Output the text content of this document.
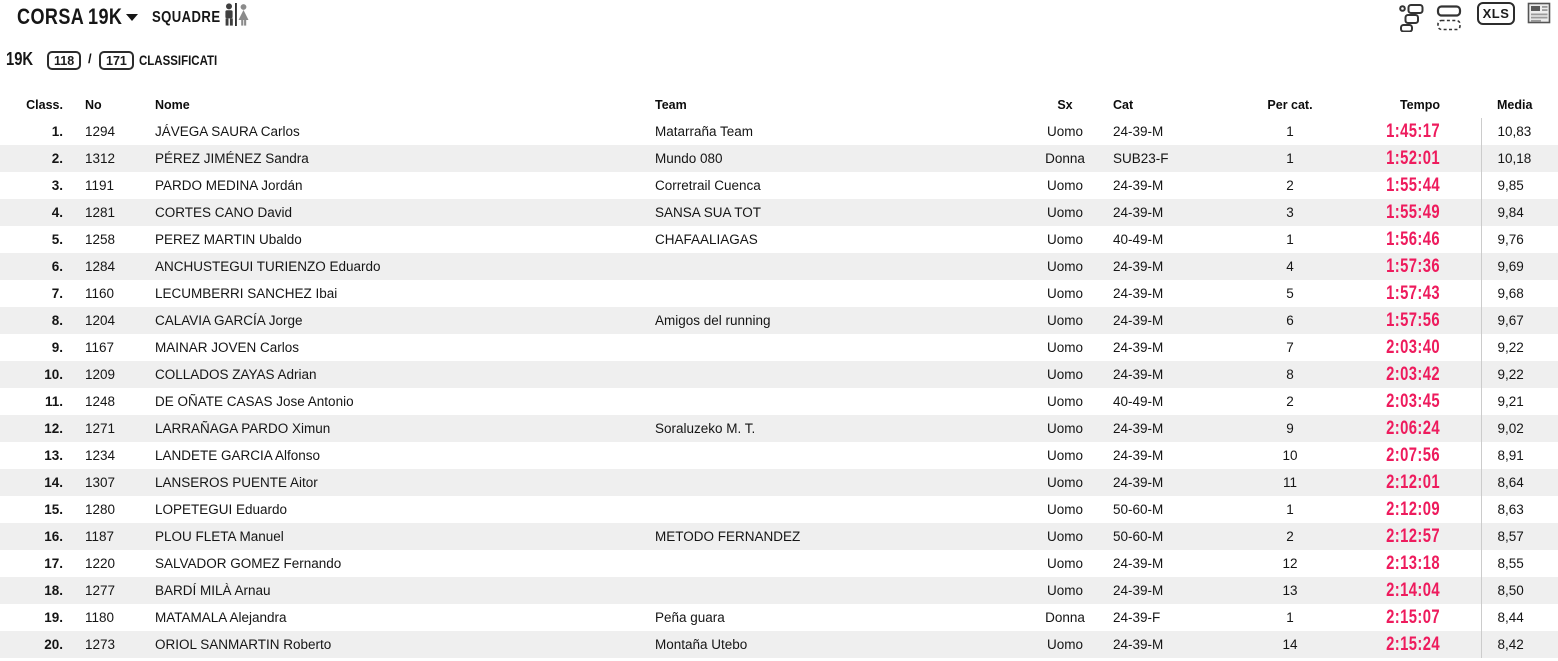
CORSA 19K	SQUADRE	XLS
19K	118	/	171 CLASSIFICATI
Class.	No	Nome	Team	Sx	Cat	Per cat.	Tempo	Media
1.	1294	JÁVEGA SAURA Carlos	Matarraña Team	Uomo	24-39-M	1	1:45:17	10,83
2.	1312	PÉREZ JIMÉNEZ Sandra	Mundo 080	Donna	SUB23-F	1	1:52:01	10,18
3.	1191	PARDO MEDINA Jordán	Corretrail Cuenca	Uomo	24-39-M	2	1:55:44	9,85
4.	1281	CORTES CANO David	SANSA SUA TOT	Uomo	24-39-M	3	1:55:49	9,84
5.	1258	PEREZ MARTIN Ubaldo	CHAFAALIAGAS	Uomo	40-49-M	1	1:56:46	9,76
6.	1284	ANCHUSTEGUI TURIENZO Eduardo		Uomo	24-39-M	4	1:57:36	9,69
7.	1160	LECUMBERRI SANCHEZ Ibai		Uomo	24-39-M	5	1:57:43	9,68
8.	1204	CALAVIA GARCÍA Jorge	Amigos del running	Uomo	24-39-M	6	1:57:56	9,67
9.	1167	MAINAR JOVEN Carlos		Uomo	24-39-M	7	2:03:40	9,22
10.	1209	COLLADOS ZAYAS Adrian		Uomo	24-39-M	8	2:03:42	9,22
11.	1248	DE OÑATE CASAS Jose Antonio		Uomo	40-49-M	2	2:03:45	9,21
12.	1271	LARRAÑAGA PARDO Ximun	Soraluzeko M. T.	Uomo	24-39-M	9	2:06:24	9,02
13.	1234	LANDETE GARCIA Alfonso		Uomo	24-39-M	10	2:07:56	8,91
14.	1307	LANSEROS PUENTE Aitor		Uomo	24-39-M	11	2:12:01	8,64
15.	1280	LOPETEGUI Eduardo		Uomo	50-60-M	1	2:12:09	8,63
16.	1187	PLOU FLETA Manuel	METODO FERNANDEZ	Uomo	50-60-M	2	2:12:57	8,57
17.	1220	SALVADOR GOMEZ Fernando		Uomo	24-39-M	12	2:13:18	8,55
18.	1277	BARDÍ MILÀ Arnau		Uomo	24-39-M	13	2:14:04	8,50
19.	1180	MATAMALA Alejandra	Peña guara	Donna	24-39-F	1	2:15:07	8,44
20.	1273	ORIOL SANMARTIN Roberto	Montaña Utebo	Uomo	24-39-M	14	2:15:24	8,42
